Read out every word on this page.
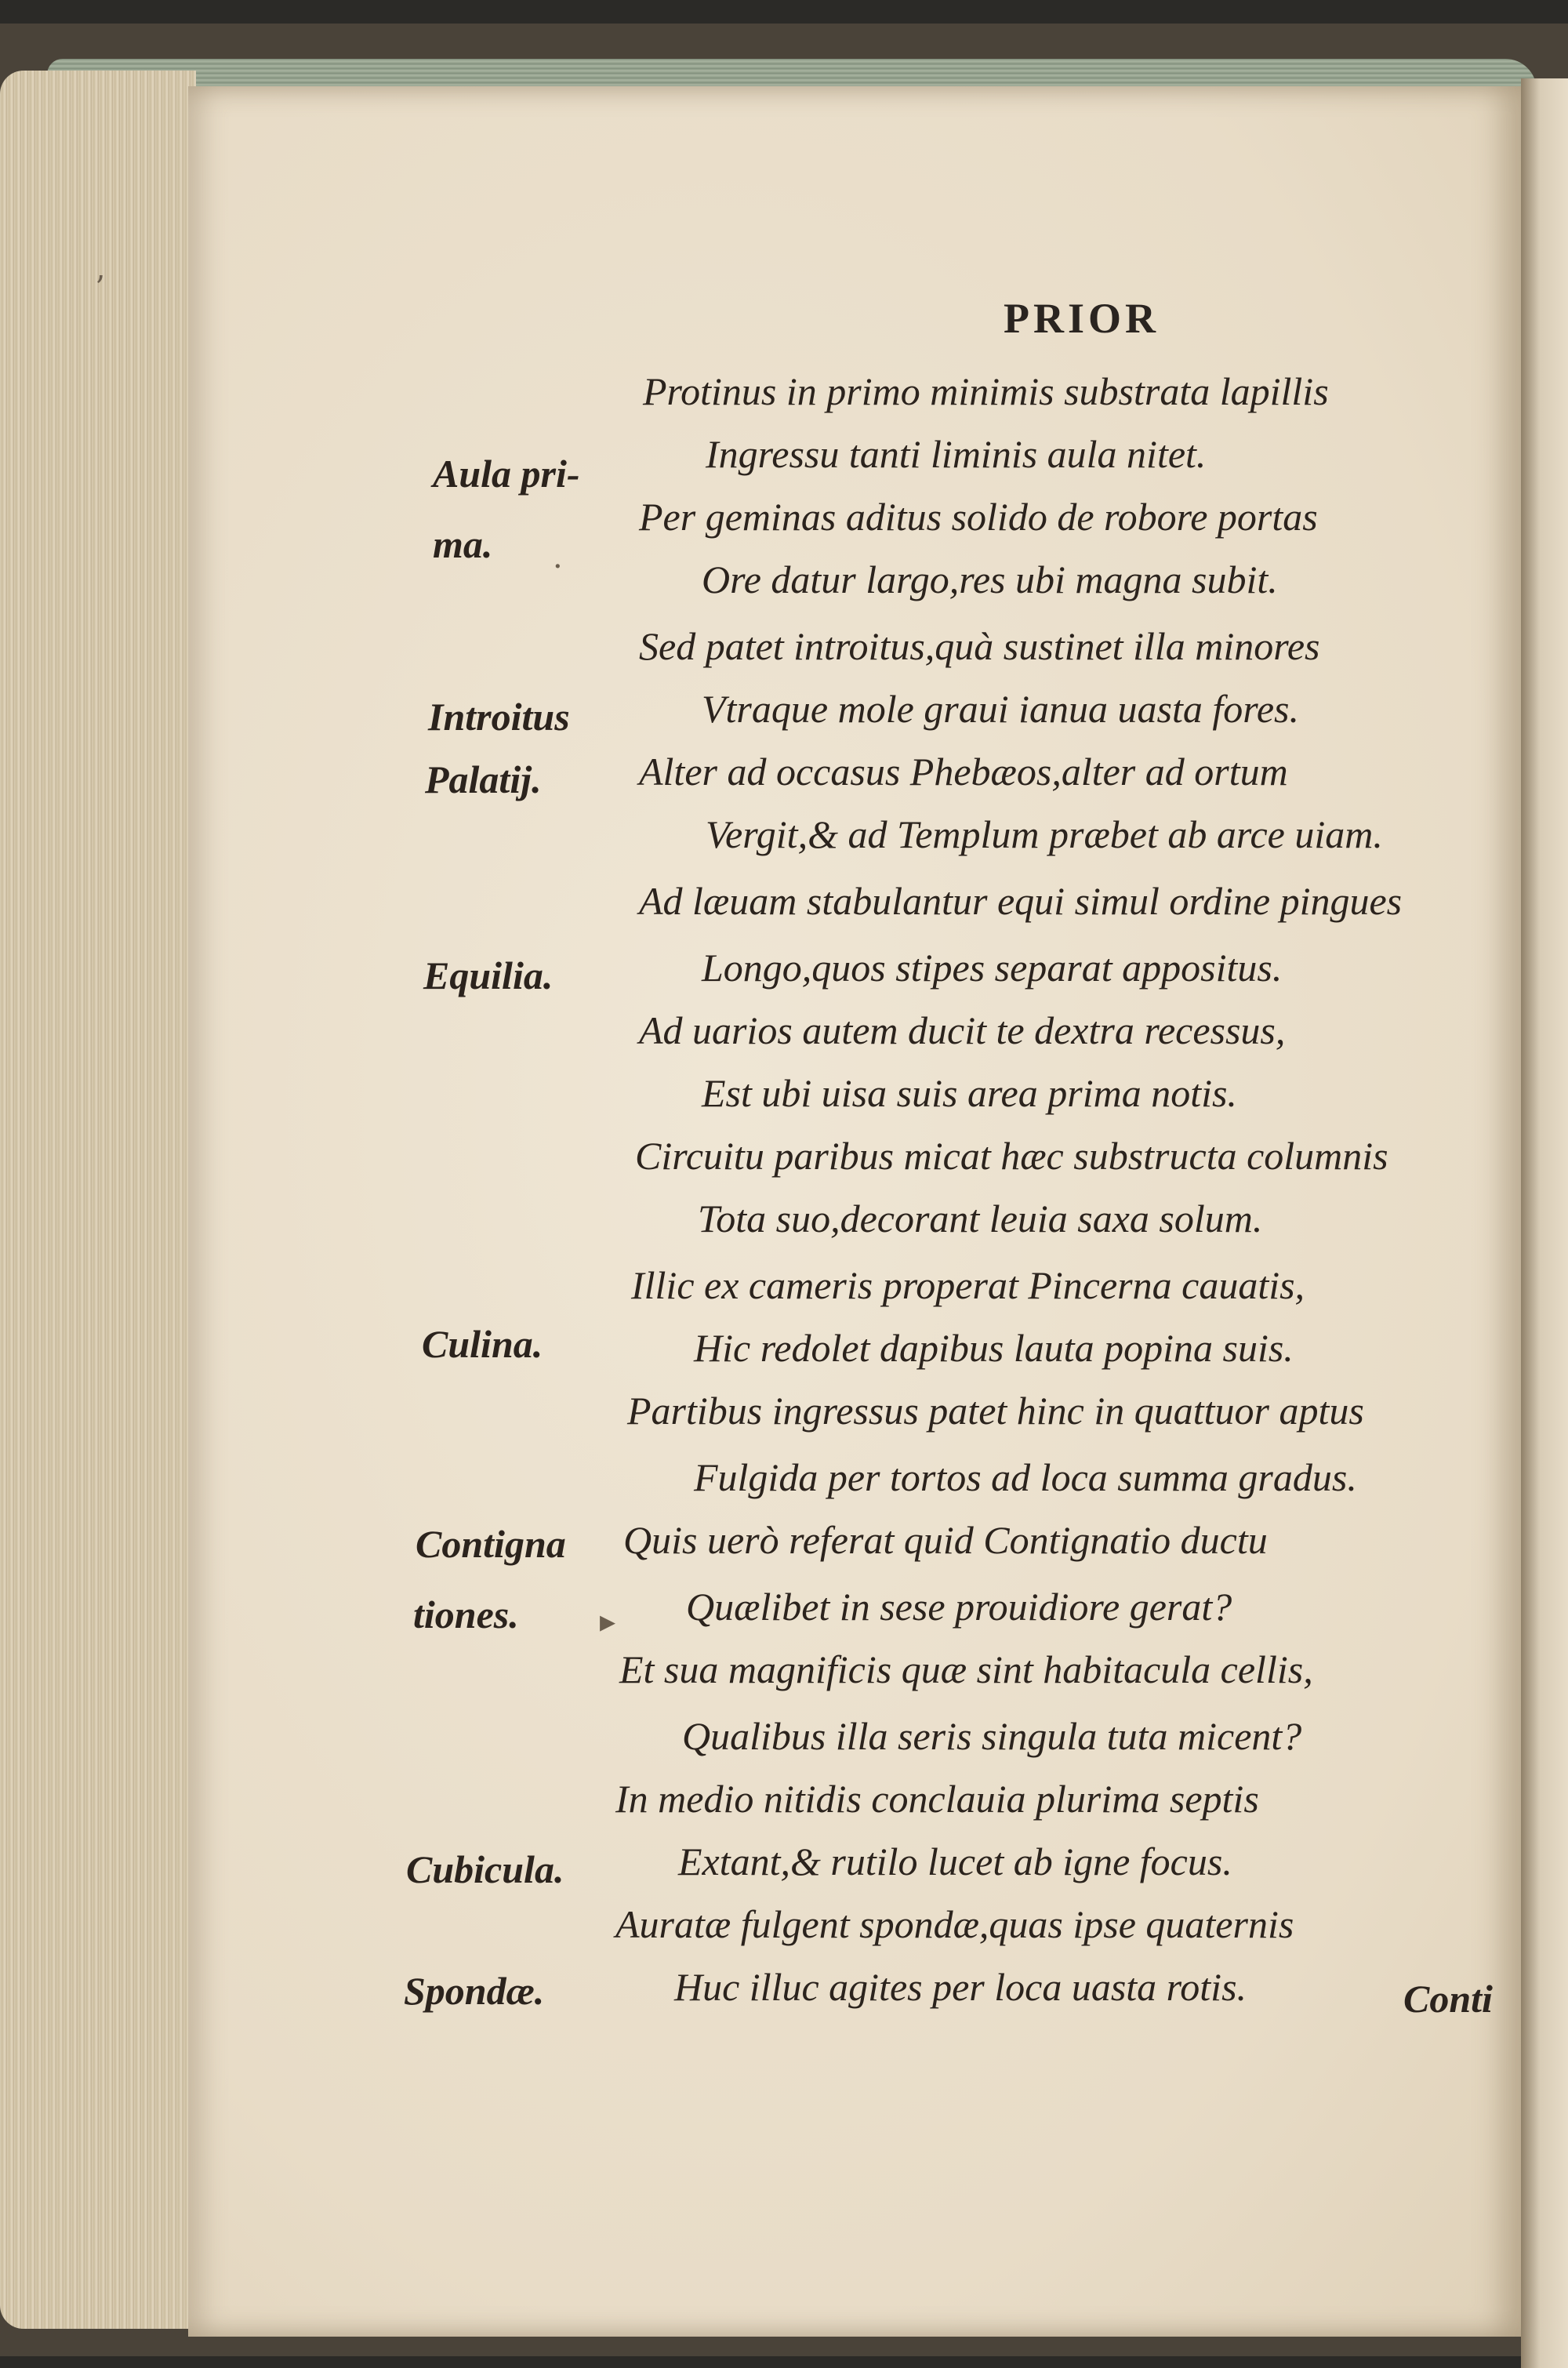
PRIOR
Aula pri-
ma.
Introitus
Palatij.
Equilia.
Culina.
Contigna
tiones.
Cubicula.
Spondæ.
Protinus in primo minimis substrata lapillis
Ingressu tanti liminis aula nitet.
Per geminas aditus solido de robore portas
Ore datur largo,res ubi magna subit.
Sed patet introitus,quà sustinet illa minores
Vtraque mole graui ianua uasta fores.
Alter ad occasus Phebæos,alter ad ortum
Vergit,& ad Templum præbet ab arce uiam.
Ad læuam stabulantur equi simul ordine pingues
Longo,quos stipes separat appositus.
Ad uarios autem ducit te dextra recessus,
Est ubi uisa suis area prima notis.
Circuitu paribus micat hæc substructa columnis
Tota suo,decorant leuia saxa solum.
Illic ex cameris properat Pincerna cauatis,
Hic redolet dapibus lauta popina suis.
Partibus ingressus patet hinc in quattuor aptus
Fulgida per tortos ad loca summa gradus.
Quis uerò referat quid Contignatio ductu
Quælibet in sese prouidiore gerat?
Et sua magnificis quæ sint habitacula cellis,
Qualibus illa seris singula tuta micent?
In medio nitidis conclauia plurima septis
Extant,& rutilo lucet ab igne focus.
Auratæ fulgent spondæ,quas ipse quaternis
Huc illuc agites per loca uasta rotis.	Conti
ʼ
·
▸
